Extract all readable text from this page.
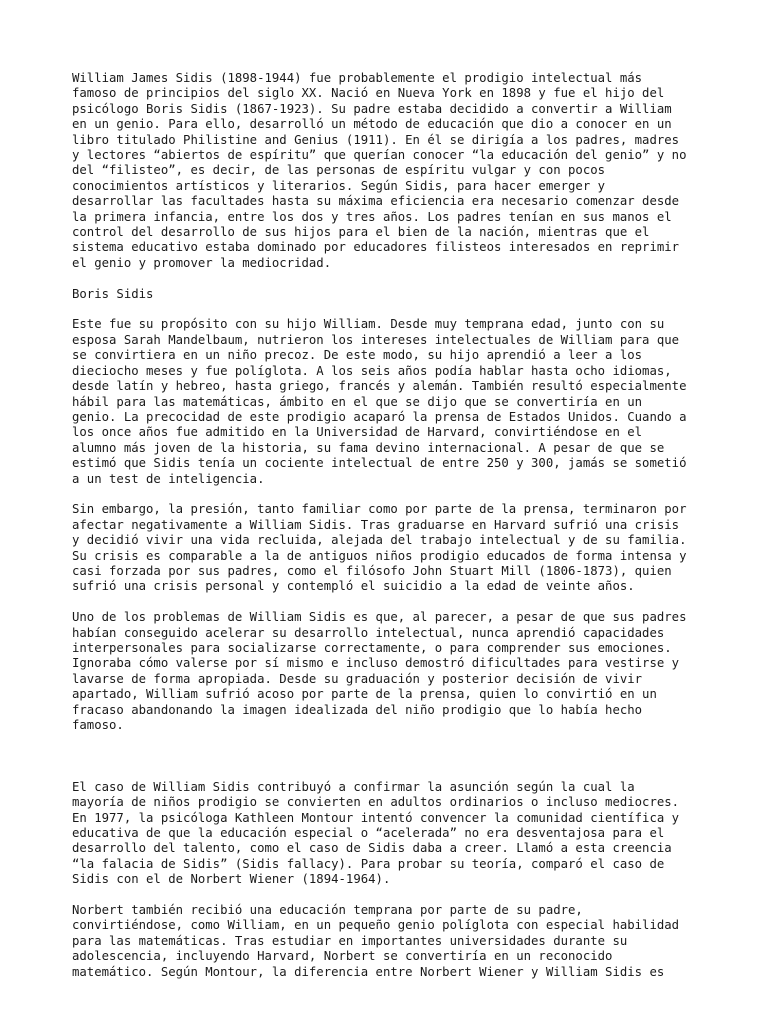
William James Sidis (1898-1944) fue probablemente el prodigio intelectual más
famoso de principios del siglo XX. Nació en Nueva York en 1898 y fue el hijo del
psicólogo Boris Sidis (1867-1923). Su padre estaba decidido a convertir a William
en un genio. Para ello, desarrolló un método de educación que dio a conocer en un
libro titulado Philistine and Genius (1911). En él se dirigía a los padres, madres
y lectores “abiertos de espíritu” que querían conocer “la educación del genio” y no
del “filisteo”, es decir, de las personas de espíritu vulgar y con pocos
conocimientos artísticos y literarios. Según Sidis, para hacer emerger y
desarrollar las facultades hasta su máxima eficiencia era necesario comenzar desde
la primera infancia, entre los dos y tres años. Los padres tenían en sus manos el
control del desarrollo de sus hijos para el bien de la nación, mientras que el
sistema educativo estaba dominado por educadores filisteos interesados en reprimir
el genio y promover la mediocridad.

Boris Sidis

Este fue su propósito con su hijo William. Desde muy temprana edad, junto con su
esposa Sarah Mandelbaum, nutrieron los intereses intelectuales de William para que
se convirtiera en un niño precoz. De este modo, su hijo aprendió a leer a los
dieciocho meses y fue políglota. A los seis años podía hablar hasta ocho idiomas,
desde latín y hebreo, hasta griego, francés y alemán. También resultó especialmente
hábil para las matemáticas, ámbito en el que se dijo que se convertiría en un
genio. La precocidad de este prodigio acaparó la prensa de Estados Unidos. Cuando a
los once años fue admitido en la Universidad de Harvard, convirtiéndose en el
alumno más joven de la historia, su fama devino internacional. A pesar de que se
estimó que Sidis tenía un cociente intelectual de entre 250 y 300, jamás se sometió
a un test de inteligencia.

Sin embargo, la presión, tanto familiar como por parte de la prensa, terminaron por
afectar negativamente a William Sidis. Tras graduarse en Harvard sufrió una crisis
y decidió vivir una vida recluida, alejada del trabajo intelectual y de su familia.
Su crisis es comparable a la de antiguos niños prodigio educados de forma intensa y
casi forzada por sus padres, como el filósofo John Stuart Mill (1806-1873), quien
sufrió una crisis personal y contempló el suicidio a la edad de veinte años.

Uno de los problemas de William Sidis es que, al parecer, a pesar de que sus padres
habían conseguido acelerar su desarrollo intelectual, nunca aprendió capacidades
interpersonales para socializarse correctamente, o para comprender sus emociones.
Ignoraba cómo valerse por sí mismo e incluso demostró dificultades para vestirse y
lavarse de forma apropiada. Desde su graduación y posterior decisión de vivir
apartado, William sufrió acoso por parte de la prensa, quien lo convirtió en un
fracaso abandonando la imagen idealizada del niño prodigio que lo había hecho
famoso.

El caso de William Sidis contribuyó a confirmar la asunción según la cual la
mayoría de niños prodigio se convierten en adultos ordinarios o incluso mediocres.
En 1977, la psicóloga Kathleen Montour intentó convencer la comunidad científica y
educativa de que la educación especial o “acelerada” no era desventajosa para el
desarrollo del talento, como el caso de Sidis daba a creer. Llamó a esta creencia
“la falacia de Sidis” (Sidis fallacy). Para probar su teoría, comparó el caso de
Sidis con el de Norbert Wiener (1894-1964).

Norbert también recibió una educación temprana por parte de su padre,
convirtiéndose, como William, en un pequeño genio políglota con especial habilidad
para las matemáticas. Tras estudiar en importantes universidades durante su
adolescencia, incluyendo Harvard, Norbert se convertiría en un reconocido
matemático. Según Montour, la diferencia entre Norbert Wiener y William Sidis es
